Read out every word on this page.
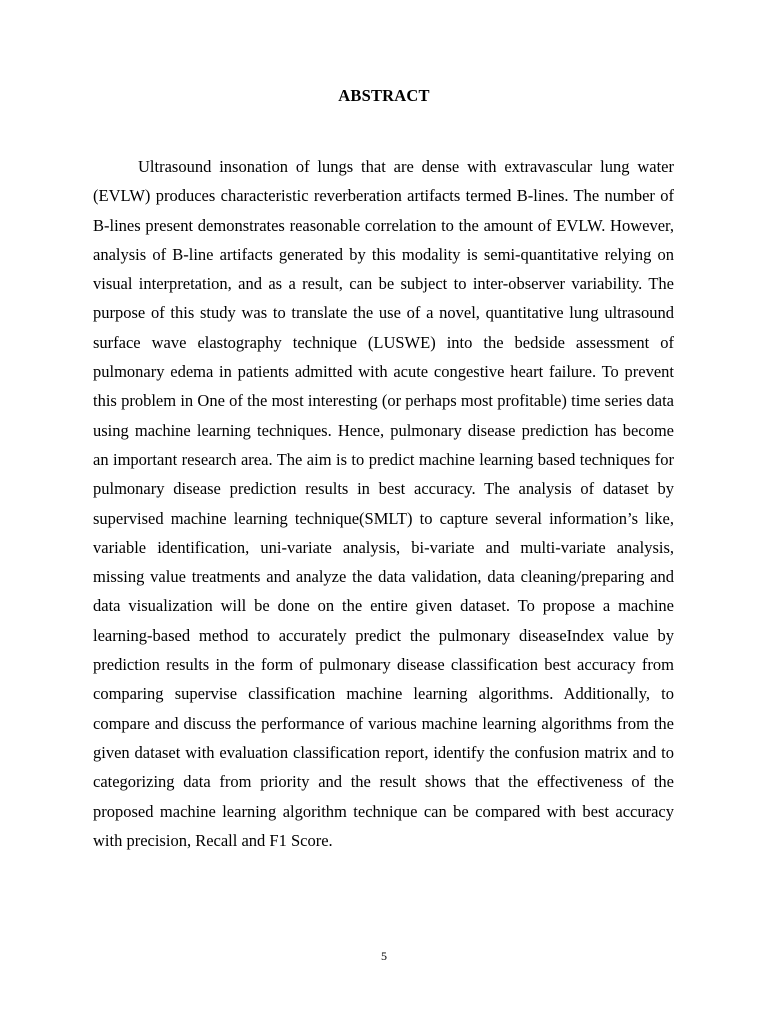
ABSTRACT

Ultrasound insonation of lungs that are dense with extravascular lung water (EVLW) produces characteristic reverberation artifacts termed B-lines. The number of B-lines present demonstrates reasonable correlation to the amount of EVLW. However, analysis of B-line artifacts generated by this modality is semi-quantitative relying on visual interpretation, and as a result, can be subject to inter-observer variability. The purpose of this study was to translate the use of a novel, quantitative lung ultrasound surface wave elastography technique (LUSWE) into the bedside assessment of pulmonary edema in patients admitted with acute congestive heart failure. To prevent this problem in One of the most interesting (or perhaps most profitable) time series data using machine learning techniques. Hence, pulmonary disease prediction has become an important research area. The aim is to predict machine learning based techniques for pulmonary disease prediction results in best accuracy. The analysis of dataset by supervised machine learning technique(SMLT) to capture several information’s like, variable identification, uni-variate analysis, bi-variate and multi-variate analysis, missing value treatments and analyze the data validation, data cleaning/preparing and data visualization will be done on the entire given dataset. To propose a machine learning-based method to accurately predict the pulmonary diseaseIndex value by prediction results in the form of pulmonary disease classification best accuracy from comparing supervise classification machine learning algorithms. Additionally, to compare and discuss the performance of various machine learning algorithms from the given dataset with evaluation classification report, identify the confusion matrix and to categorizing data from priority and the result shows that the effectiveness of the proposed machine learning algorithm technique can be compared with best accuracy with precision, Recall and F1 Score.

5
